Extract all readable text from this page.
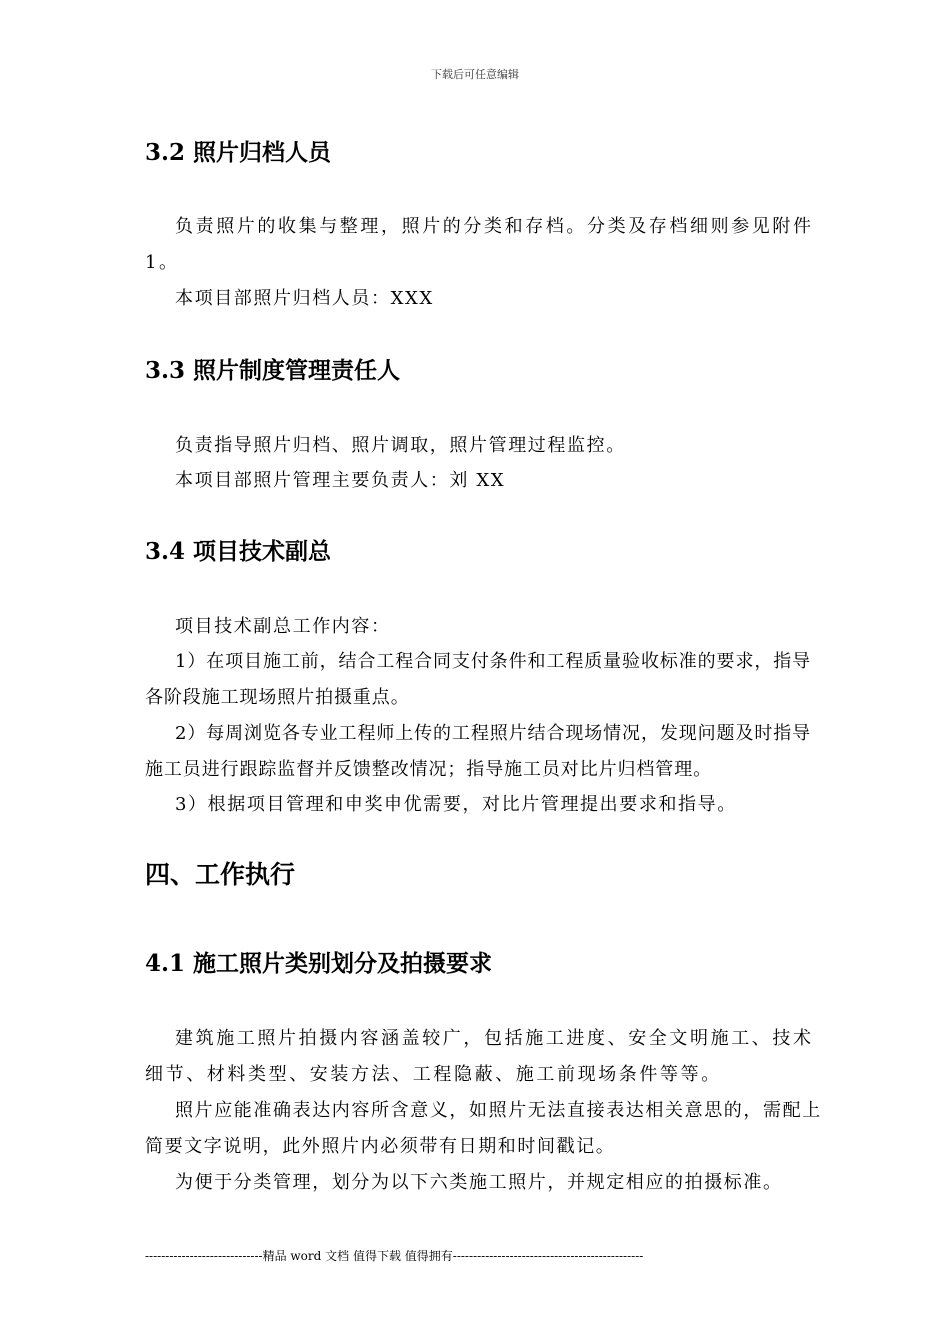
下载后可任意编辑
3.2 照片归档人员
负责照片的收集与整理，照片的分类和存档。分类及存档细则参见附件 1。
本项目部照片归档人员：XXX
3.3 照片制度管理责任人
负责指导照片归档、照片调取，照片管理过程监控。
本项目部照片管理主要负责人：刘 XX
3.4 项目技术副总
项目技术副总工作内容：
1）在项目施工前，结合工程合同支付条件和工程质量验收标准的要求，指导各阶段施工现场照片拍摄重点。
2）每周浏览各专业工程师上传的工程照片结合现场情况，发现问题及时指导施工员进行跟踪监督并反馈整改情况；指导施工员对比片归档管理。
3）根据项目管理和申奖申优需要，对比片管理提出要求和指导。
四、工作执行
4.1 施工照片类别划分及拍摄要求
建筑施工照片拍摄内容涵盖较广，包括施工进度、安全文明施工、技术细节、材料类型、安装方法、工程隐蔽、施工前现场条件等等。
照片应能准确表达内容所含意义，如照片无法直接表达相关意思的，需配上简要文字说明，此外照片内必须带有日期和时间戳记。
为便于分类管理，划分为以下六类施工照片，并规定相应的拍摄标准。
-----------------------------精品 word 文档 值得下载 值得拥有-----------------------------------------------
